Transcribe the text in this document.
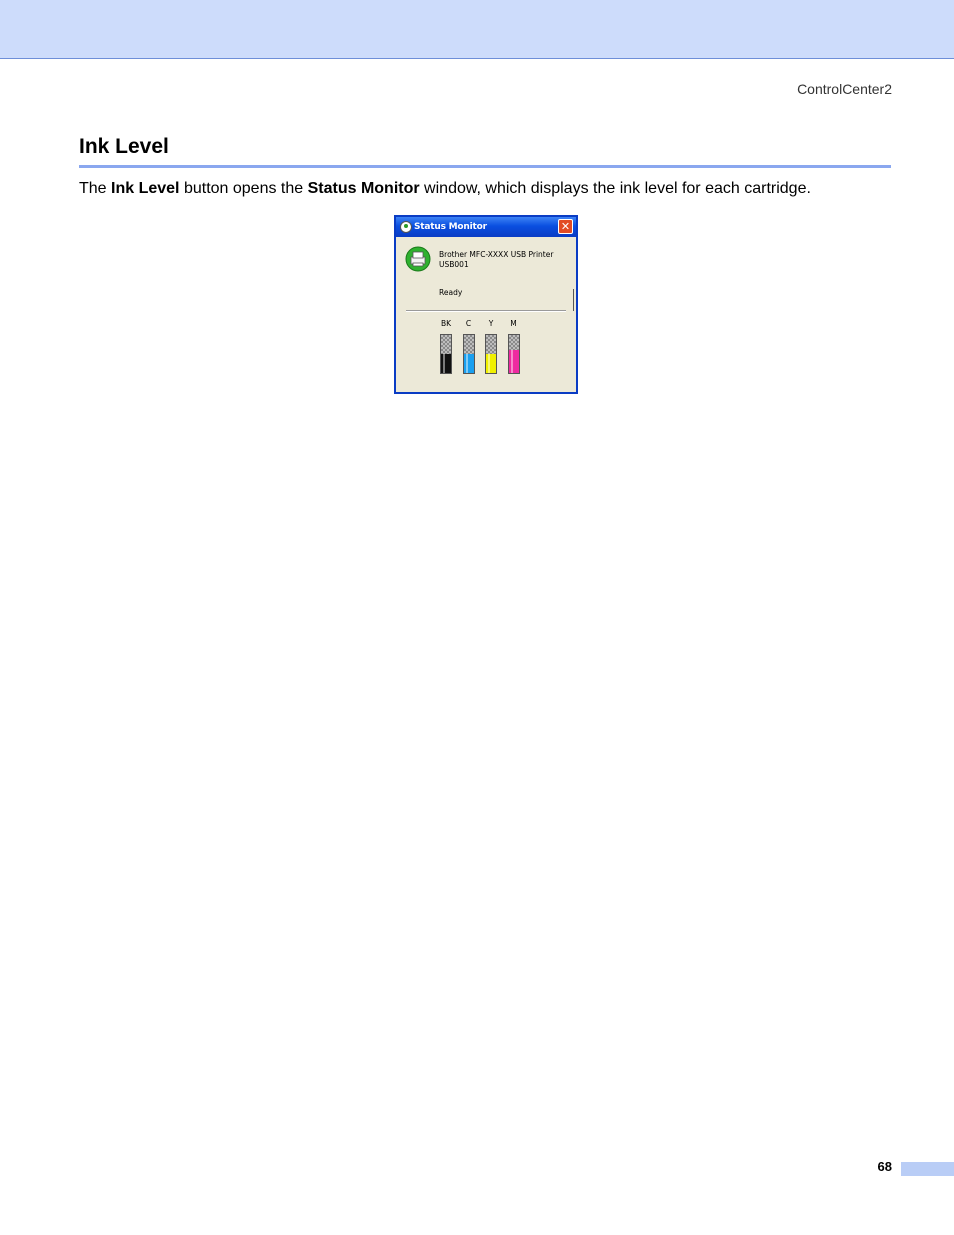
ControlCenter2
Ink Level

The Ink Level button opens the Status Monitor window, which displays the ink level for each cartridge.

Status Monitor	✕
Brother MFC-XXXX USB Printer
USB001
Ready
BK	C	Y	M
68
